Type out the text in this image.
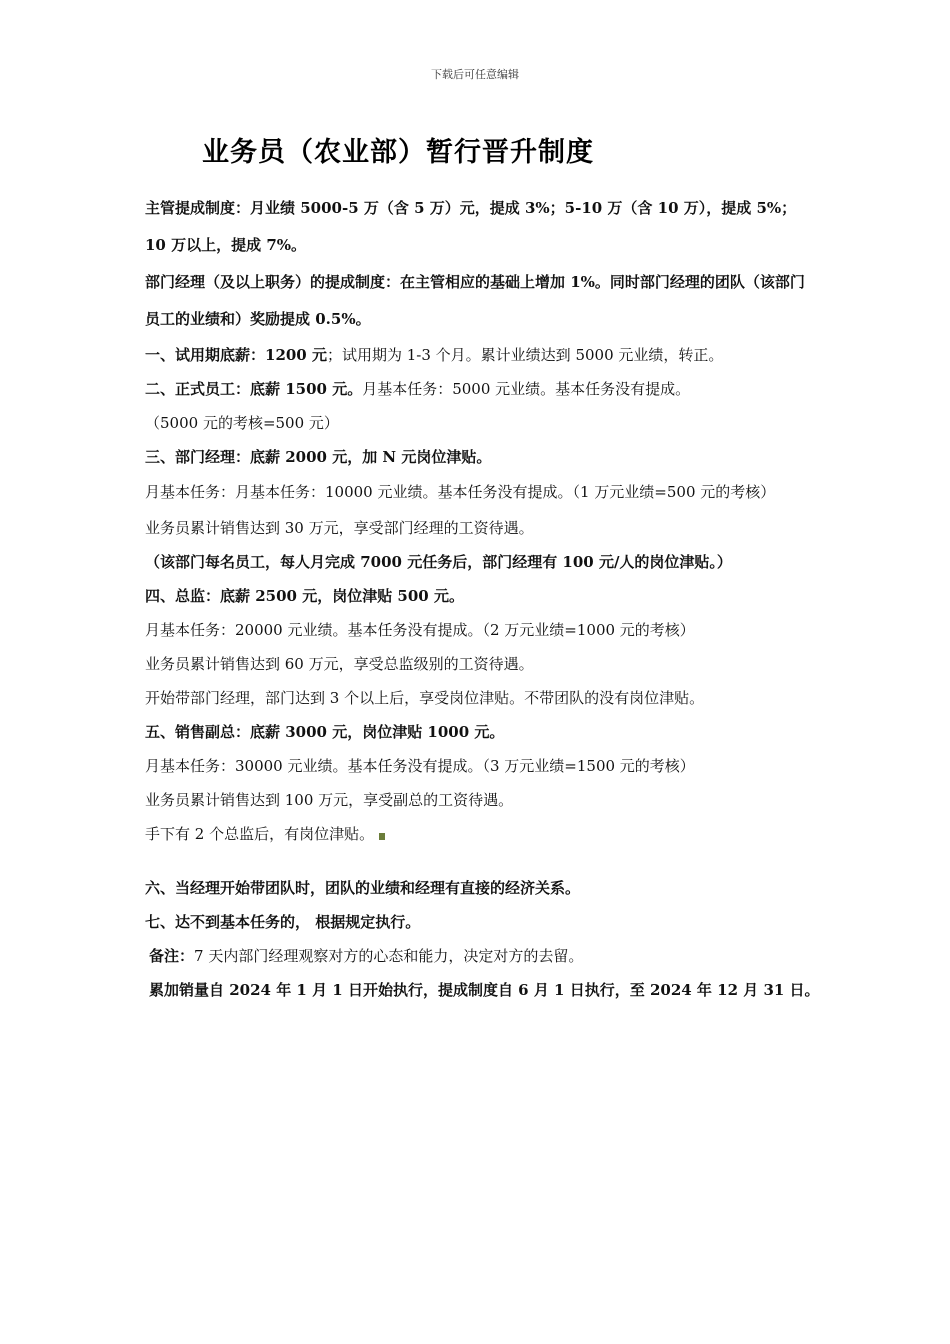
下载后可任意编辑
业务员（农业部）暂行晋升制度

主管提成制度：月业绩 5000-5 万（含 5 万）元，提成 3%；5-10 万（含 10 万），提成 5%；10 万以上，提成 7%。

部门经理（及以上职务）的提成制度：在主管相应的基础上增加 1%。同时部门经理的团队（该部门员工的业绩和）奖励提成 0.5%。

一、试用期底薪：1200 元；试用期为 1-3 个月。累计业绩达到 5000 元业绩，转正。

二、正式员工：底薪 1500 元。月基本任务：5000 元业绩。基本任务没有提成。

（5000 元的考核=500 元）

三、部门经理：底薪 2000 元，加 N 元岗位津贴。

月基本任务：月基本任务：10000 元业绩。基本任务没有提成。（1 万元业绩=500 元的考核）

业务员累计销售达到 30 万元，享受部门经理的工资待遇。

（该部门每名员工，每人月完成 7000 元任务后，部门经理有 100 元/人的岗位津贴。）

四、总监：底薪 2500 元，岗位津贴 500 元。

月基本任务：20000 元业绩。基本任务没有提成。（2 万元业绩=1000 元的考核）

业务员累计销售达到 60 万元，享受总监级别的工资待遇。

开始带部门经理，部门达到 3 个以上后，享受岗位津贴。不带团队的没有岗位津贴。

五、销售副总：底薪 3000 元，岗位津贴 1000 元。

月基本任务：30000 元业绩。基本任务没有提成。（3 万元业绩=1500 元的考核）

业务员累计销售达到 100 万元，享受副总的工资待遇。

手下有 2 个总监后，有岗位津贴。

六、当经理开始带团队时，团队的业绩和经理有直接的经济关系。

七、达不到基本任务的， 根据规定执行。

备注：7 天内部门经理观察对方的心态和能力，决定对方的去留。

累加销量自 2024 年 1 月 1 日开始执行，提成制度自 6 月 1 日执行，至 2024 年 12 月 31 日。
